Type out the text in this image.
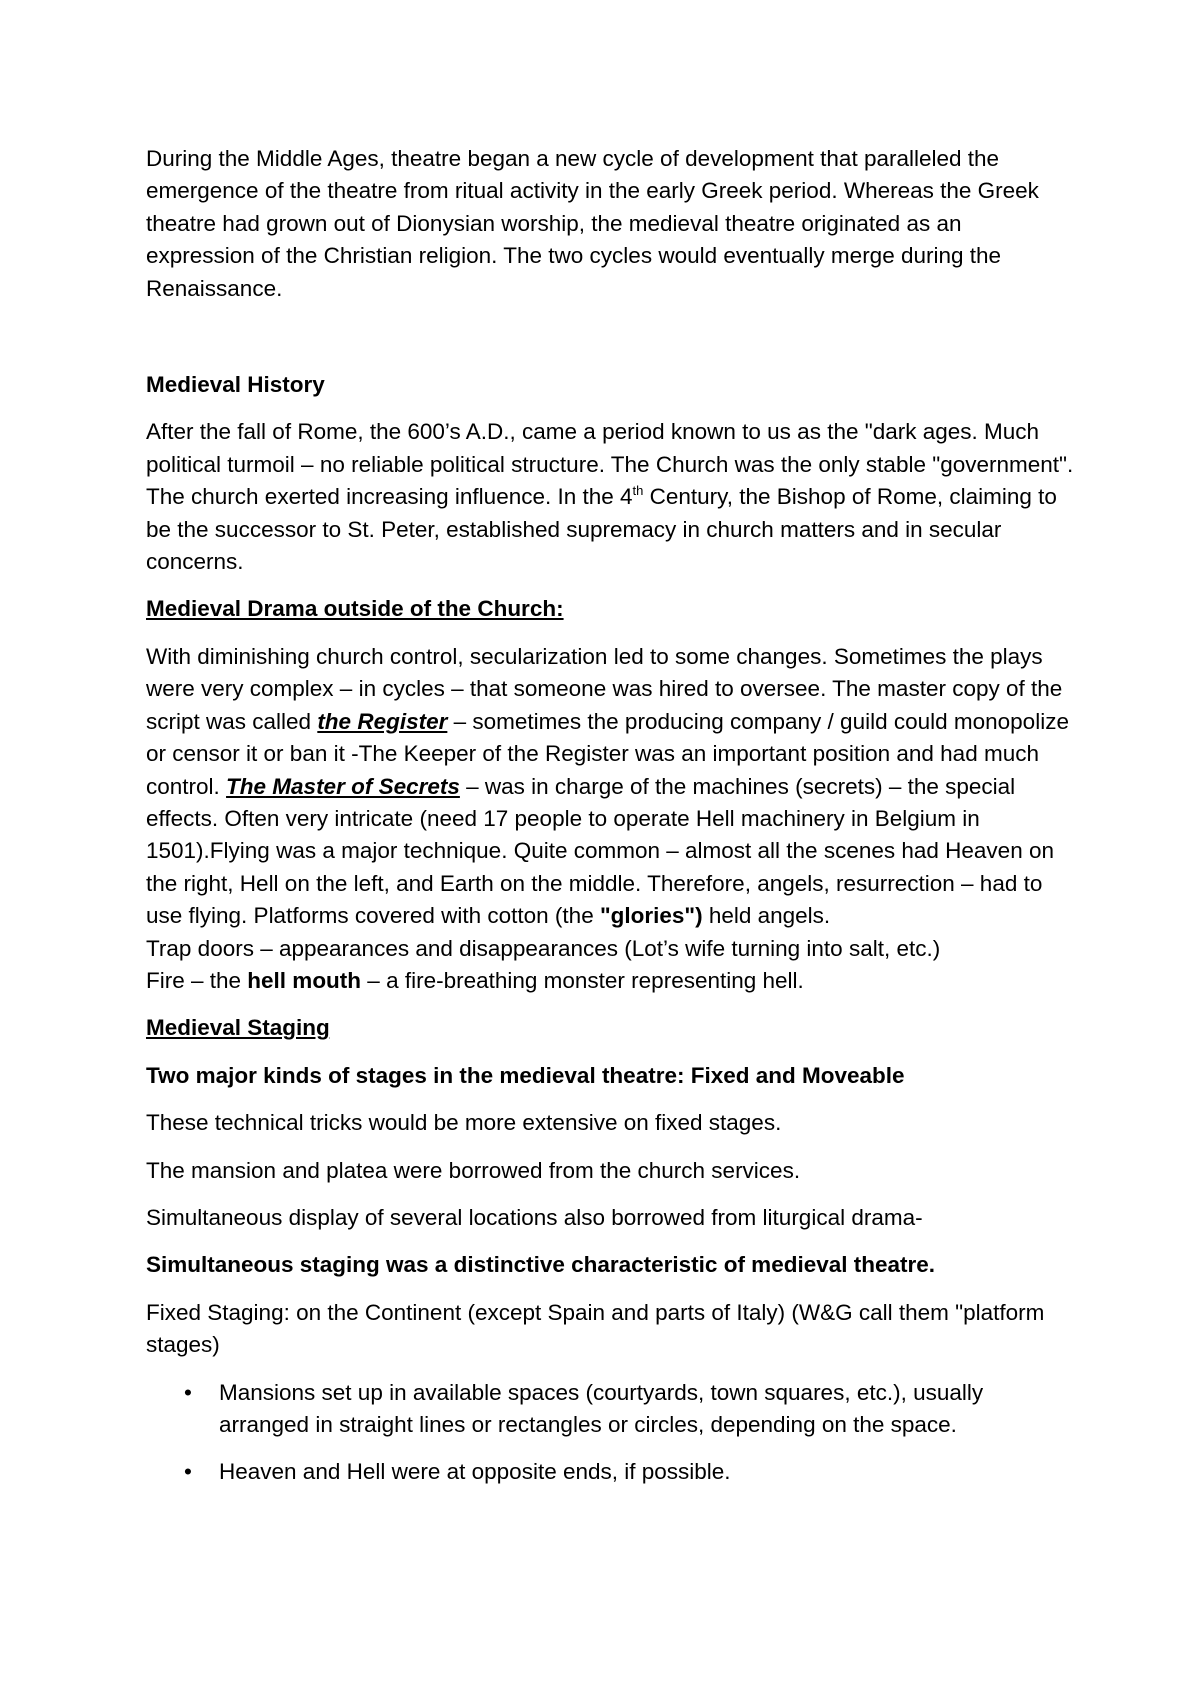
During the Middle Ages, theatre began a new cycle of development that paralleled the emergence of the theatre from ritual activity in the early Greek period. Whereas the Greek theatre had grown out of Dionysian worship, the medieval theatre originated as an expression of the Christian religion. The two cycles would eventually merge during the Renaissance.

Medieval History

After the fall of Rome, the 600’s A.D., came a period known to us as the "dark ages. Much political turmoil – no reliable political structure. The Church was the only stable "government". The church exerted increasing influence. In the 4th Century, the Bishop of Rome, claiming to be the successor to St. Peter, established supremacy in church matters and in secular concerns.

Medieval Drama outside of the Church:

With diminishing church control, secularization led to some changes. Sometimes the plays were very complex – in cycles – that someone was hired to oversee. The master copy of the script was called the Register – sometimes the producing company / guild could monopolize or censor it or ban it -The Keeper of the Register was an important position and had much control. The Master of Secrets – was in charge of the machines (secrets) – the special effects. Often very intricate (need 17 people to operate Hell machinery in Belgium in 1501).Flying was a major technique. Quite common – almost all the scenes had Heaven on the right, Hell on the left, and Earth on the middle. Therefore, angels, resurrection – had to use flying. Platforms covered with cotton (the "glories") held angels.

Trap doors – appearances and disappearances (Lot’s wife turning into salt, etc.)

Fire – the hell mouth – a fire-breathing monster representing hell.

Medieval Staging

Two major kinds of stages in the medieval theatre: Fixed and Moveable

These technical tricks would be more extensive on fixed stages.

The mansion and platea were borrowed from the church services.

Simultaneous display of several locations also borrowed from liturgical drama-

Simultaneous staging was a distinctive characteristic of medieval theatre.

Fixed Staging: on the Continent (except Spain and parts of Italy) (W&G call them "platform stages)

• Mansions set up in available spaces (courtyards, town squares, etc.), usually arranged in straight lines or rectangles or circles, depending on the space.
• Heaven and Hell were at opposite ends, if possible.
